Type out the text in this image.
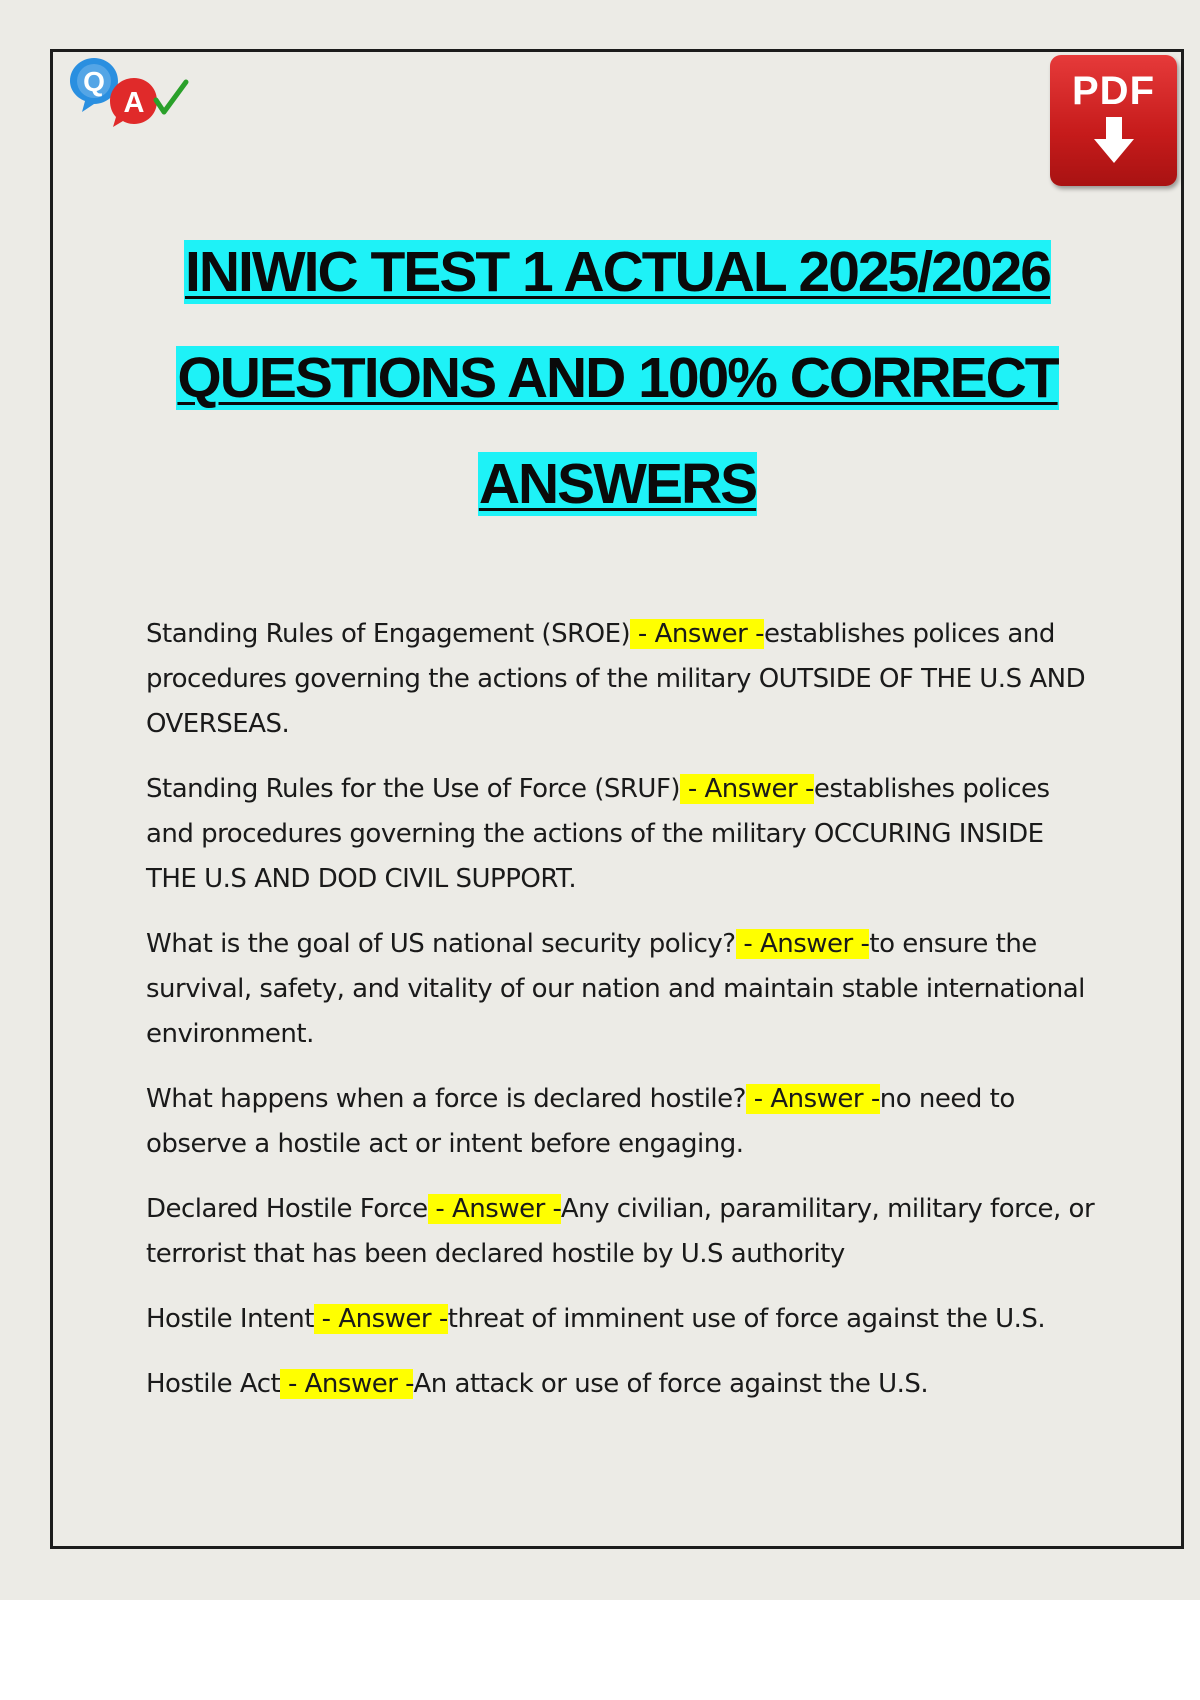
Q
A	PDF
INIWIC TEST 1 ACTUAL 2025/2026
QUESTIONS AND 100% CORRECT
ANSWERS

Standing Rules of Engagement (SROE) - Answer -establishes polices and procedures governing the actions of the military OUTSIDE OF THE U.S AND OVERSEAS.

Standing Rules for the Use of Force (SRUF) - Answer -establishes polices and procedures governing the actions of the military OCCURING INSIDE THE U.S AND DOD CIVIL SUPPORT.

What is the goal of US national security policy? - Answer -to ensure the survival, safety, and vitality of our nation and maintain stable international environment.

What happens when a force is declared hostile? - Answer -no need to observe a hostile act or intent before engaging.

Declared Hostile Force - Answer -Any civilian, paramilitary, military force, or terrorist that has been declared hostile by U.S authority

Hostile Intent - Answer -threat of imminent use of force against the U.S.

Hostile Act - Answer -An attack or use of force against the U.S.
